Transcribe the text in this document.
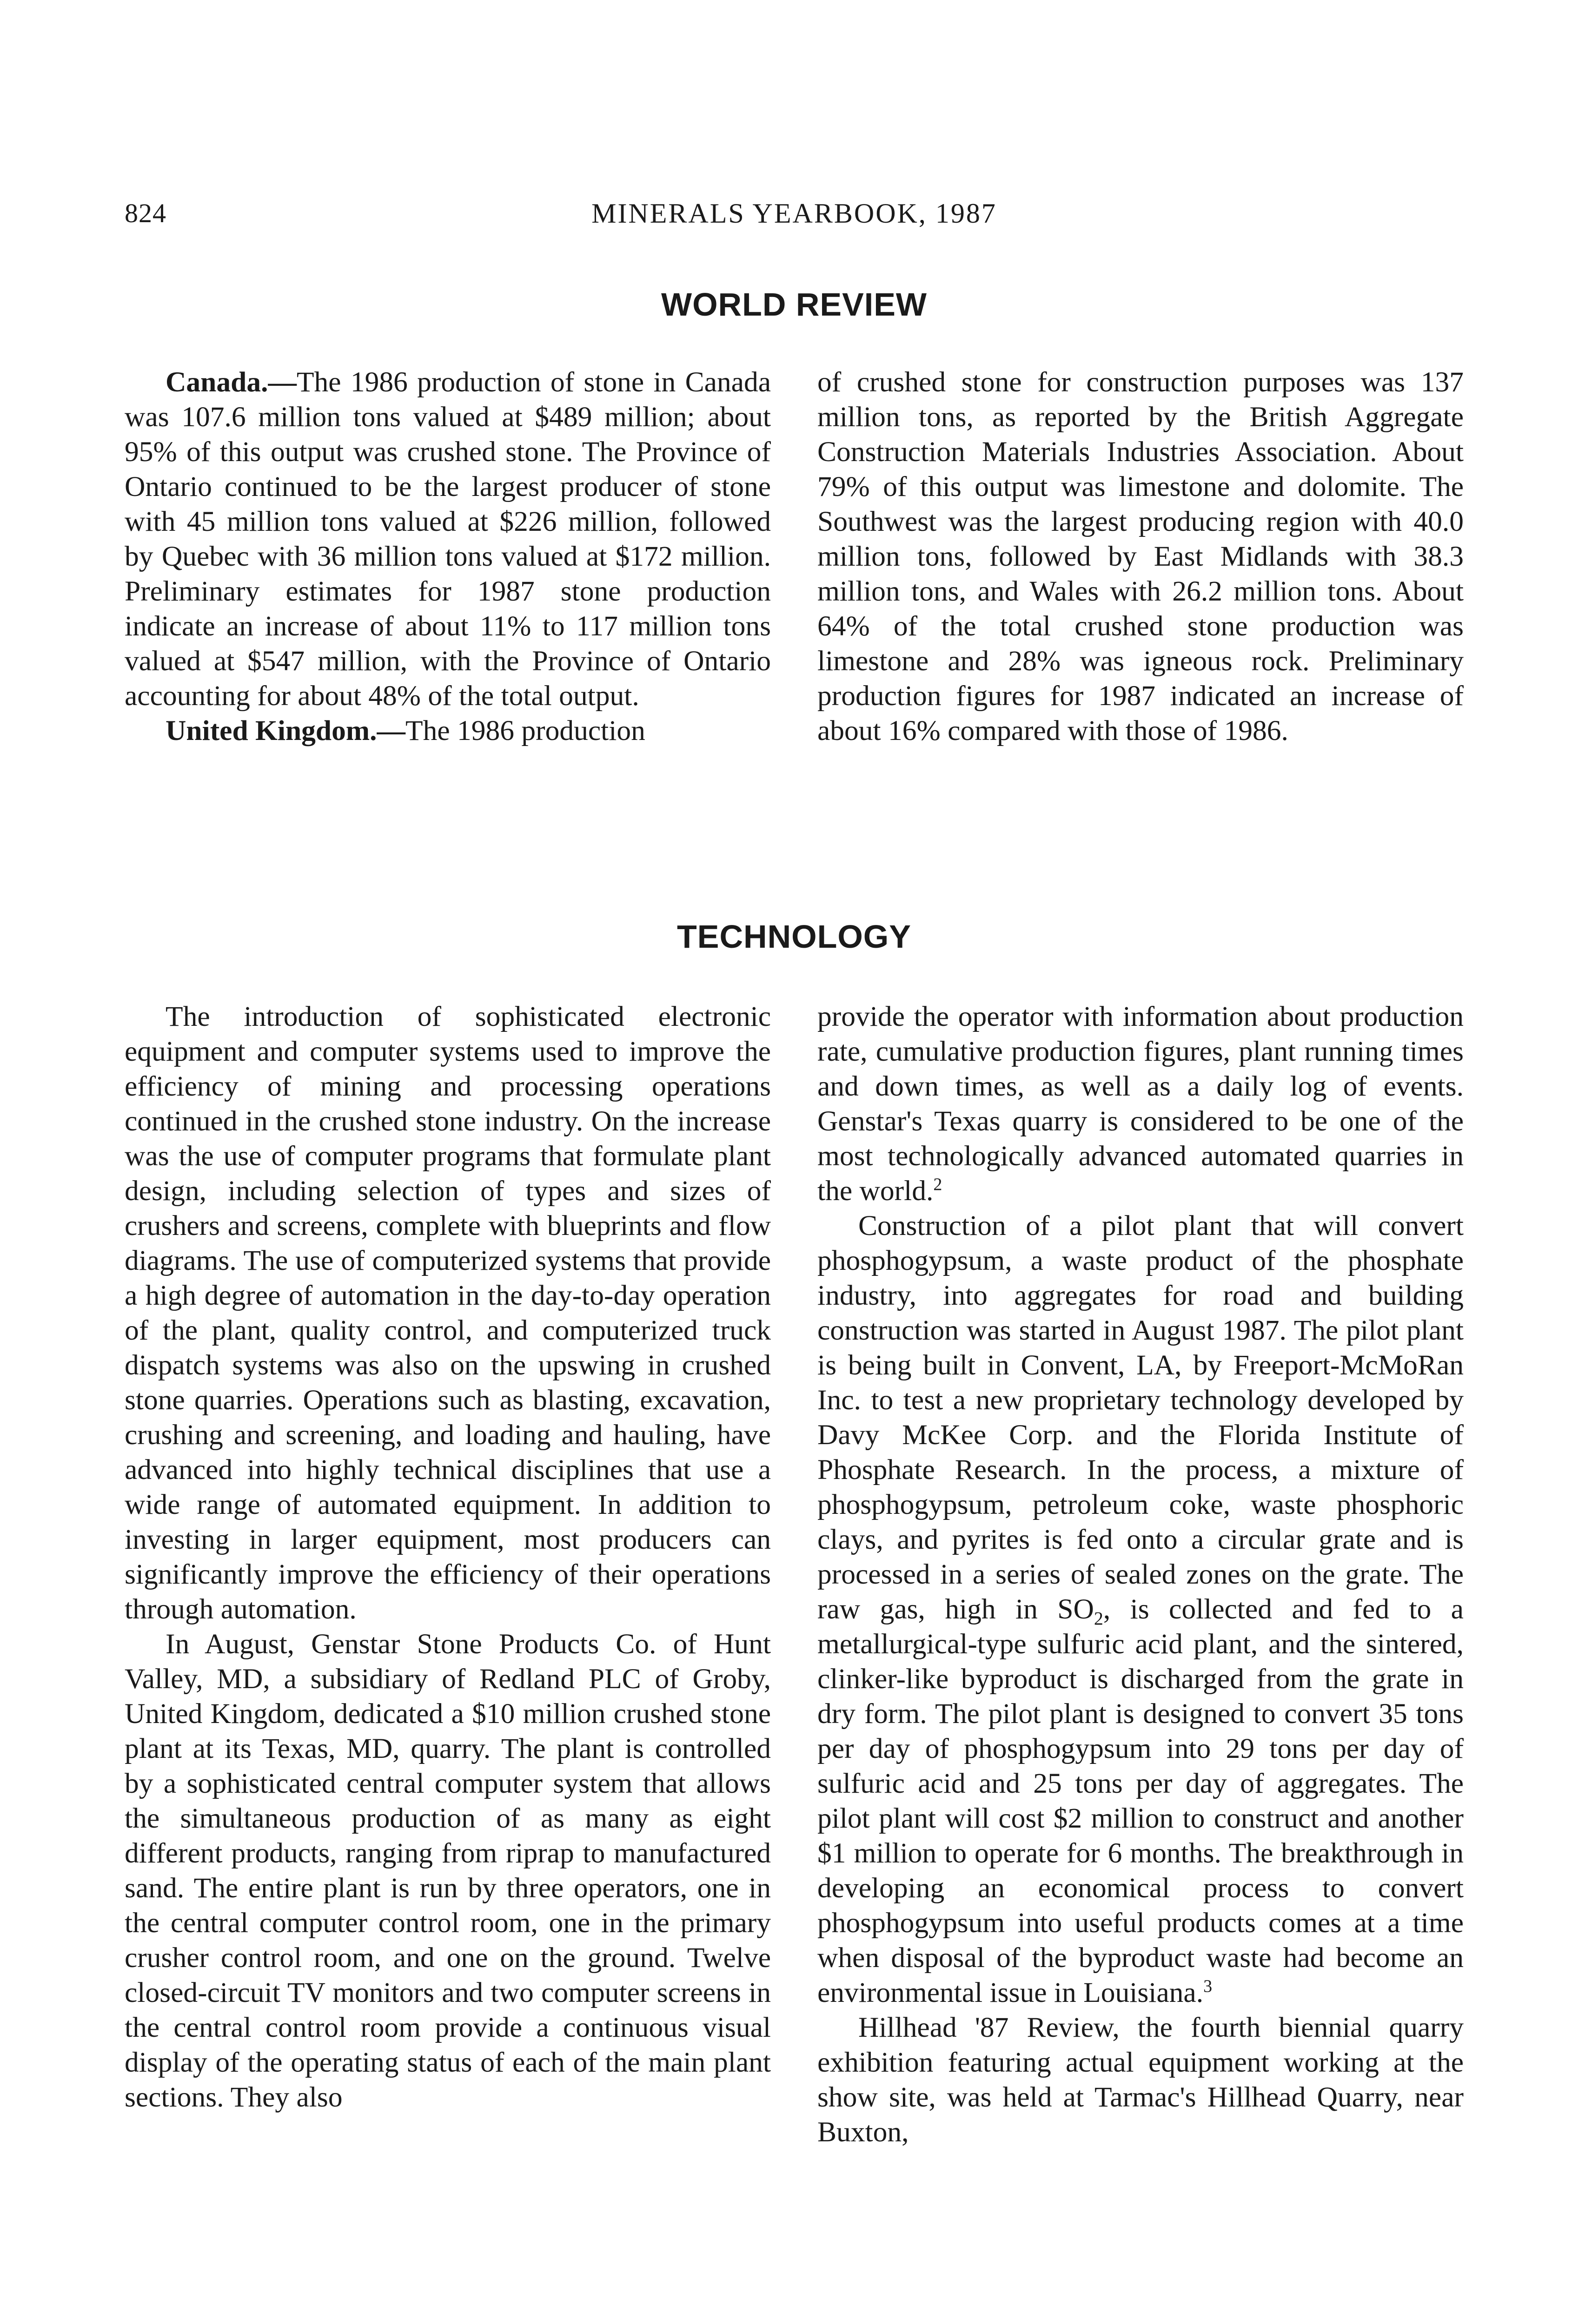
824	MINERALS YEARBOOK, 1987
WORLD REVIEW

Canada.—The 1986 production of stone in Canada was 107.6 million tons valued at $489 million; about 95% of this output was crushed stone. The Province of Ontario continued to be the largest producer of stone with 45 million tons valued at $226 million, followed by Quebec with 36 million tons valued at $172 million. Preliminary estimates for 1987 stone production indicate an increase of about 11% to 117 million tons valued at $547 million, with the Province of Ontario accounting for about 48% of the total output.

United Kingdom.—The 1986 production

of crushed stone for construction purposes was 137 million tons, as reported by the British Aggregate Construction Materials Industries Association. About 79% of this output was limestone and dolomite. The Southwest was the largest producing region with 40.0 million tons, followed by East Midlands with 38.3 million tons, and Wales with 26.2 million tons. About 64% of the total crushed stone production was limestone and 28% was igneous rock. Preliminary production figures for 1987 indicated an increase of about 16% compared with those of 1986.

TECHNOLOGY

The introduction of sophisticated electronic equipment and computer systems used to improve the efficiency of mining and processing operations continued in the crushed stone industry. On the increase was the use of computer programs that formulate plant design, including selection of types and sizes of crushers and screens, complete with blueprints and flow diagrams. The use of computerized systems that provide a high degree of automation in the day-to-day operation of the plant, quality control, and computerized truck dispatch systems was also on the upswing in crushed stone quarries. Operations such as blasting, excavation, crushing and screening, and loading and hauling, have advanced into highly technical disciplines that use a wide range of automated equipment. In addition to investing in larger equipment, most producers can significantly improve the efficiency of their operations through automation.

In August, Genstar Stone Products Co. of Hunt Valley, MD, a subsidiary of Redland PLC of Groby, United Kingdom, dedicated a $10 million crushed stone plant at its Texas, MD, quarry. The plant is controlled by a sophisticated central computer system that allows the simultaneous production of as many as eight different products, ranging from riprap to manufactured sand. The entire plant is run by three operators, one in the central computer control room, one in the primary crusher control room, and one on the ground. Twelve closed-circuit TV monitors and two computer screens in the central control room provide a continuous visual display of the operating status of each of the main plant sections. They also

provide the operator with information about production rate, cumulative production figures, plant running times and down times, as well as a daily log of events. Genstar's Texas quarry is considered to be one of the most technologically advanced automated quarries in the world.$^2$

Construction of a pilot plant that will convert phosphogypsum, a waste product of the phosphate industry, into aggregates for road and building construction was started in August 1987. The pilot plant is being built in Convent, LA, by Freeport-McMoRan Inc. to test a new proprietary technology developed by Davy McKee Corp. and the Florida Institute of Phosphate Research. In the process, a mixture of phosphogypsum, petroleum coke, waste phosphoric clays, and pyrites is fed onto a circular grate and is processed in a series of sealed zones on the grate. The raw gas, high in $SO_2$, is collected and fed to a metallurgical-type sulfuric acid plant, and the sintered, clinker-like byproduct is discharged from the grate in dry form. The pilot plant is designed to convert 35 tons per day of phosphogypsum into 29 tons per day of sulfuric acid and 25 tons per day of aggregates. The pilot plant will cost $2 million to construct and another $1 million to operate for 6 months. The breakthrough in developing an economical process to convert phosphogypsum into useful products comes at a time when disposal of the byproduct waste had become an environmental issue in Louisiana.$^3$

Hillhead '87 Review, the fourth biennial quarry exhibition featuring actual equipment working at the show site, was held at Tarmac's Hillhead Quarry, near Buxton,
